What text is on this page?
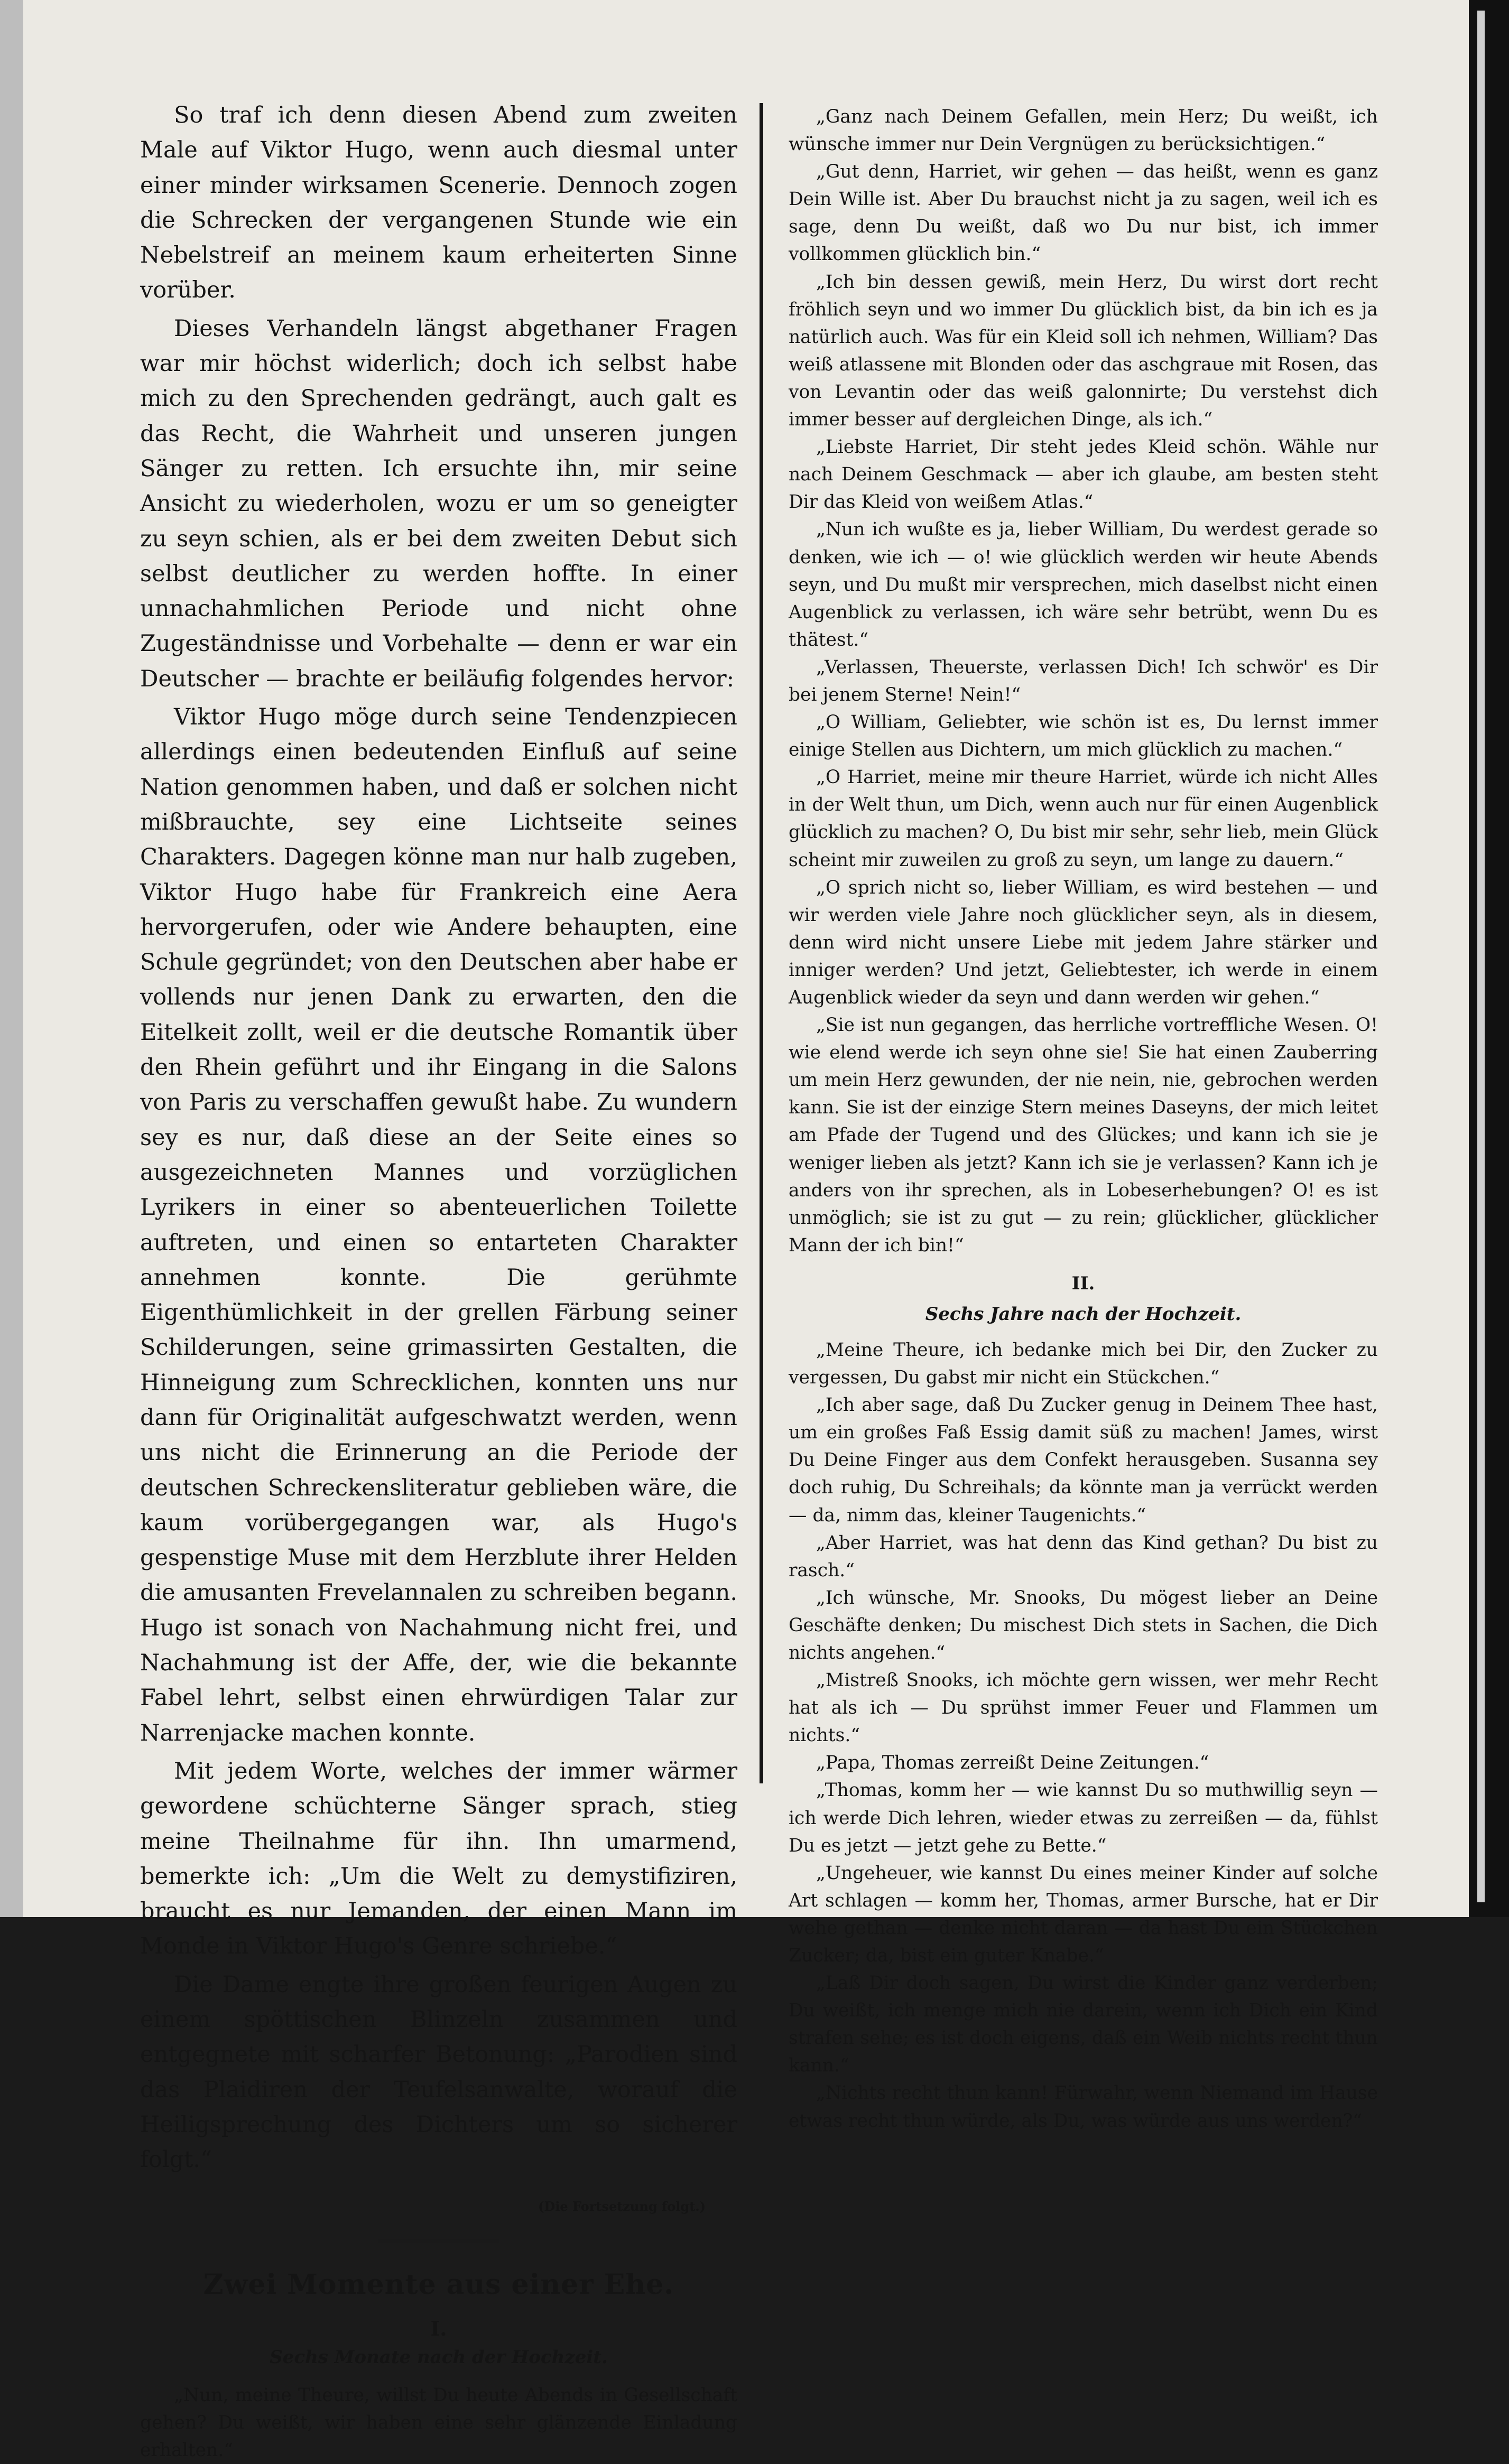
So traf ich denn diesen Abend zum zweiten Male auf Viktor Hugo, wenn auch diesmal unter einer minder wirksamen Scenerie. Dennoch zogen die Schrecken der vergangenen Stunde wie ein Nebelstreif an meinem kaum erheiterten Sinne vorüber.

Dieses Verhandeln längst abgethaner Fragen war mir höchst widerlich; doch ich selbst habe mich zu den Sprechenden gedrängt, auch galt es das Recht, die Wahrheit und unseren jungen Sänger zu retten. Ich ersuchte ihn, mir seine Ansicht zu wiederholen, wozu er um so geneigter zu seyn schien, als er bei dem zweiten Debut sich selbst deutlicher zu werden hoffte. In einer unnachahmlichen Periode und nicht ohne Zugeständnisse und Vorbehalte — denn er war ein Deutscher — brachte er beiläufig folgendes hervor:

Viktor Hugo möge durch seine Tendenzpiecen allerdings einen bedeutenden Einfluß auf seine Nation genommen haben, und daß er solchen nicht mißbrauchte, sey eine Lichtseite seines Charakters. Dagegen könne man nur halb zugeben, Viktor Hugo habe für Frankreich eine Aera hervorgerufen, oder wie Andere behaupten, eine Schule gegründet; von den Deutschen aber habe er vollends nur jenen Dank zu erwarten, den die Eitelkeit zollt, weil er die deutsche Romantik über den Rhein geführt und ihr Eingang in die Salons von Paris zu verschaffen gewußt habe. Zu wundern sey es nur, daß diese an der Seite eines so ausgezeichneten Mannes und vorzüglichen Lyrikers in einer so abenteuerlichen Toilette auftreten, und einen so entarteten Charakter annehmen konnte. Die gerühmte Eigenthümlichkeit in der grellen Färbung seiner Schilderungen, seine grimassirten Gestalten, die Hinneigung zum Schrecklichen, konnten uns nur dann für Originalität aufgeschwatzt werden, wenn uns nicht die Erinnerung an die Periode der deutschen Schreckensliteratur geblieben wäre, die kaum vorübergegangen war, als Hugo's gespenstige Muse mit dem Herzblute ihrer Helden die amusanten Frevelannalen zu schreiben begann. Hugo ist sonach von Nachahmung nicht frei, und Nachahmung ist der Affe, der, wie die bekannte Fabel lehrt, selbst einen ehrwürdigen Talar zur Narrenjacke machen konnte.

Mit jedem Worte, welches der immer wärmer gewordene schüchterne Sänger sprach, stieg meine Theilnahme für ihn. Ihn umarmend, bemerkte ich: „Um die Welt zu demystifiziren, braucht es nur Jemanden, der einen Mann im Monde in Viktor Hugo's Genre schriebe.“

Die Dame engte ihre großen feurigen Augen zu einem spöttischen Blinzeln zusammen und entgegnete mit scharfer Betonung: „Parodien sind das Plaidiren der Teufelsanwalte, worauf die Heiligsprechung des Dichters um so sicherer folgt.“

(Die Fortsetzung folgt.)
Zwei Momente aus einer Ehe.
I.
Sechs Monate nach der Hochzeit.

„Nun, meine Theure, willst Du heute Abends in Gesellschaft gehen? Du weißt, wir haben eine sehr glänzende Einladung erhalten.“

„Ganz nach Deinem Gefallen, mein Herz; Du weißt, ich wünsche immer nur Dein Vergnügen zu berücksichtigen.“

„Gut denn, Harriet, wir gehen — das heißt, wenn es ganz Dein Wille ist. Aber Du brauchst nicht ja zu sagen, weil ich es sage, denn Du weißt, daß wo Du nur bist, ich immer vollkommen glücklich bin.“

„Ich bin dessen gewiß, mein Herz, Du wirst dort recht fröhlich seyn und wo immer Du glücklich bist, da bin ich es ja natürlich auch. Was für ein Kleid soll ich nehmen, William? Das weiß atlassene mit Blonden oder das aschgraue mit Rosen, das von Levantin oder das weiß galonnirte; Du verstehst dich immer besser auf dergleichen Dinge, als ich.“

„Liebste Harriet, Dir steht jedes Kleid schön. Wähle nur nach Deinem Geschmack — aber ich glaube, am besten steht Dir das Kleid von weißem Atlas.“

„Nun ich wußte es ja, lieber William, Du werdest gerade so denken, wie ich — o! wie glücklich werden wir heute Abends seyn, und Du mußt mir versprechen, mich daselbst nicht einen Augenblick zu verlassen, ich wäre sehr betrübt, wenn Du es thätest.“

„Verlassen, Theuerste, verlassen Dich! Ich schwör' es Dir bei jenem Sterne! Nein!“

„O William, Geliebter, wie schön ist es, Du lernst immer einige Stellen aus Dichtern, um mich glücklich zu machen.“

„O Harriet, meine mir theure Harriet, würde ich nicht Alles in der Welt thun, um Dich, wenn auch nur für einen Augenblick glücklich zu machen? O, Du bist mir sehr, sehr lieb, mein Glück scheint mir zuweilen zu groß zu seyn, um lange zu dauern.“

„O sprich nicht so, lieber William, es wird bestehen — und wir werden viele Jahre noch glücklicher seyn, als in diesem, denn wird nicht unsere Liebe mit jedem Jahre stärker und inniger werden? Und jetzt, Geliebtester, ich werde in einem Augenblick wieder da seyn und dann werden wir gehen.“

„Sie ist nun gegangen, das herrliche vortreffliche Wesen. O! wie elend werde ich seyn ohne sie! Sie hat einen Zauberring um mein Herz gewunden, der nie nein, nie, gebrochen werden kann. Sie ist der einzige Stern meines Daseyns, der mich leitet am Pfade der Tugend und des Glückes; und kann ich sie je weniger lieben als jetzt? Kann ich sie je verlassen? Kann ich je anders von ihr sprechen, als in Lobeserhebungen? O! es ist unmöglich; sie ist zu gut — zu rein; glücklicher, glücklicher Mann der ich bin!“

II.
Sechs Jahre nach der Hochzeit.

„Meine Theure, ich bedanke mich bei Dir, den Zucker zu vergessen, Du gabst mir nicht ein Stückchen.“

„Ich aber sage, daß Du Zucker genug in Deinem Thee hast, um ein großes Faß Essig damit süß zu machen! James, wirst Du Deine Finger aus dem Confekt herausgeben. Susanna sey doch ruhig, Du Schreihals; da könnte man ja verrückt werden — da, nimm das, kleiner Taugenichts.“

„Aber Harriet, was hat denn das Kind gethan? Du bist zu rasch.“

„Ich wünsche, Mr. Snooks, Du mögest lieber an Deine Geschäfte denken; Du mischest Dich stets in Sachen, die Dich nichts angehen.“

„Mistreß Snooks, ich möchte gern wissen, wer mehr Recht hat als ich — Du sprühst immer Feuer und Flammen um nichts.“

„Papa, Thomas zerreißt Deine Zeitungen.“

„Thomas, komm her — wie kannst Du so muthwillig seyn — ich werde Dich lehren, wieder etwas zu zerreißen — da, fühlst Du es jetzt — jetzt gehe zu Bette.“

„Ungeheuer, wie kannst Du eines meiner Kinder auf solche Art schlagen — komm her, Thomas, armer Bursche, hat er Dir wehe gethan — denke nicht daran — da hast Du ein Stückchen Zucker; da, bist ein guter Knabe.“

„Laß Dir doch sagen, Du wirst die Kinder ganz verderben; Du weißt, ich menge mich nie darein, wenn ich Dich ein Kind strafen sehe; es ist doch eigens, daß ein Weib nichts recht thun kann.“

„Nichts recht thun kann! Fürwahr, wenn Niemand im Hause etwas recht thun würde, als Du, was würde aus uns werden?“
